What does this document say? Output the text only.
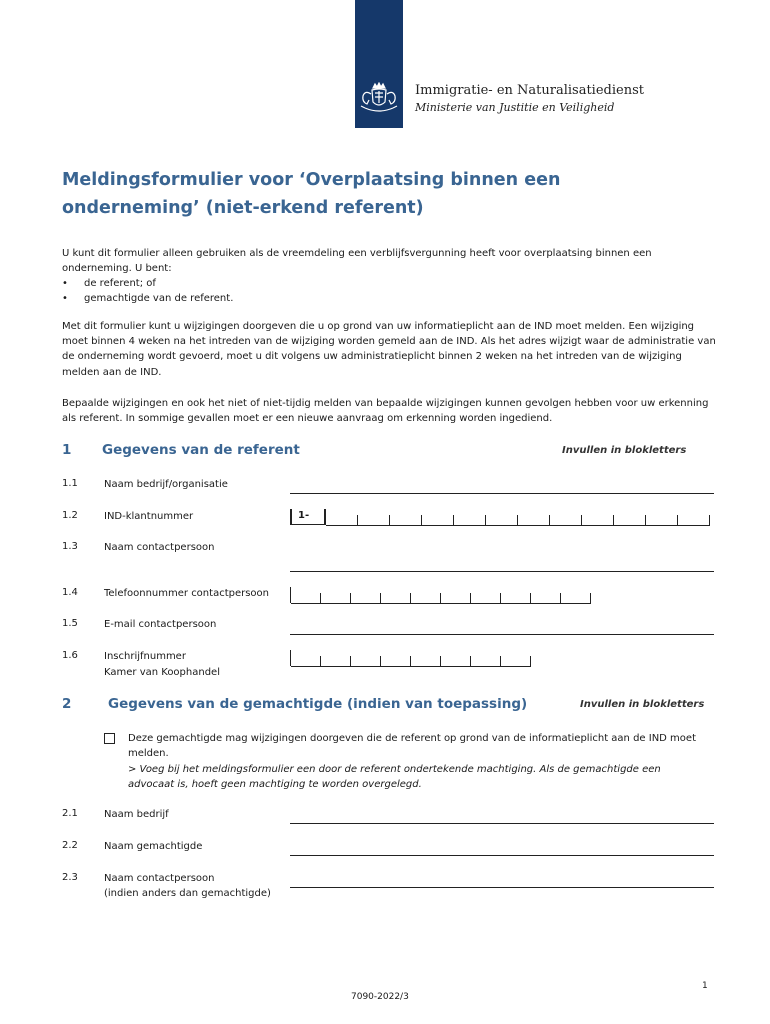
Immigratie- en Naturalisatiedienst
Ministerie van Justitie en Veiligheid
Meldingsformulier voor ‘Overplaatsing binnen een onderneming’ (niet-erkend referent)
U kunt dit formulier alleen gebruiken als de vreemdeling een verblijfsvergunning heeft voor overplaatsing binnen een onderneming. U bent:
• de referent; of
• gemachtigde van de referent.
Met dit formulier kunt u wijzigingen doorgeven die u op grond van uw informatieplicht aan de IND moet melden. Een wijziging moet binnen 4 weken na het intreden van de wijziging worden gemeld aan de IND. Als het adres wijzigt waar de administratie van de onderneming wordt gevoerd, moet u dit volgens uw administratieplicht binnen 2 weken na het intreden van de wijziging melden aan de IND.
Bepaalde wijzigingen en ook het niet of niet-tijdig melden van bepaalde wijzigingen kunnen gevolgen hebben voor uw erkenning als referent. In sommige gevallen moet er een nieuwe aanvraag om erkenning worden ingediend.
1 Gegevens van de referent	Invullen in blokletters
1.1	Naam bedrijf/organisatie
1.2	IND-klantnummer	1-
1.3	Naam contactpersoon
1.4	Telefoonnummer contactpersoon
1.5	E-mail contactpersoon
1.6	Inschrijfnummer
Kamer van Koophandel
2	Gegevens van de gemachtigde (indien van toepassing)	Invullen in blokletters
Deze gemachtigde mag wijzigingen doorgeven die de referent op grond van de informatieplicht aan de IND moet melden.
> Voeg bij het meldingsformulier een door de referent ondertekende machtiging. Als de gemachtigde een advocaat is, hoeft geen machtiging te worden overgelegd.
2.1	Naam bedrijf
2.2	Naam gemachtigde
2.3	Naam contactpersoon
(indien anders dan gemachtigde)
1
7090-2022/3
